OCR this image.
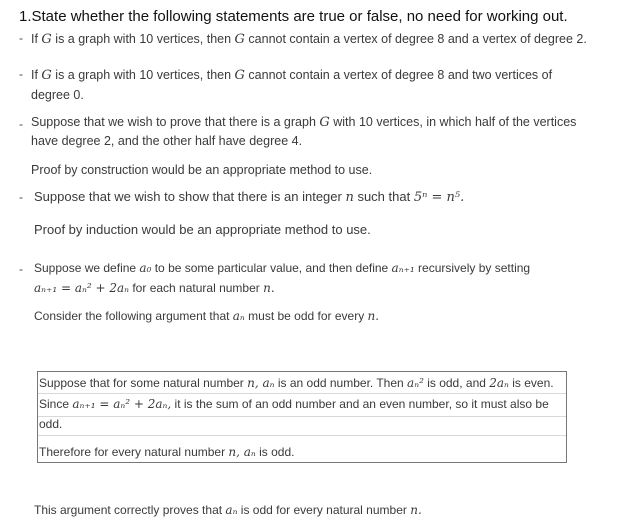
1.State whether the following statements are true or false, no need for working out.
- If G is a graph with 10 vertices, then G cannot contain a vertex of degree 8 and a vertex of degree 2.
- If G is a graph with 10 vertices, then G cannot contain a vertex of degree 8 and two vertices of
degree 0.
- Suppose that we wish to prove that there is a graph G with 10 vertices, in which half of the vertices
have degree 2, and the other half have degree 4.
Proof by construction would be an appropriate method to use.
- Suppose that we wish to show that there is an integer n such that 5ⁿ = n⁵.
Proof by induction would be an appropriate method to use.
- Suppose we define a₀ to be some particular value, and then define aₙ₊₁ recursively by setting
aₙ₊₁ = aₙ² + 2aₙ for each natural number n.
Consider the following argument that aₙ must be odd for every n.
Suppose that for some natural number n, aₙ is an odd number. Then aₙ² is odd, and 2aₙ is even.
Since aₙ₊₁ = aₙ² + 2aₙ, it is the sum of an odd number and an even number, so it must also be
odd.
Therefore for every natural number n, aₙ is odd.
This argument correctly proves that aₙ is odd for every natural number n.
